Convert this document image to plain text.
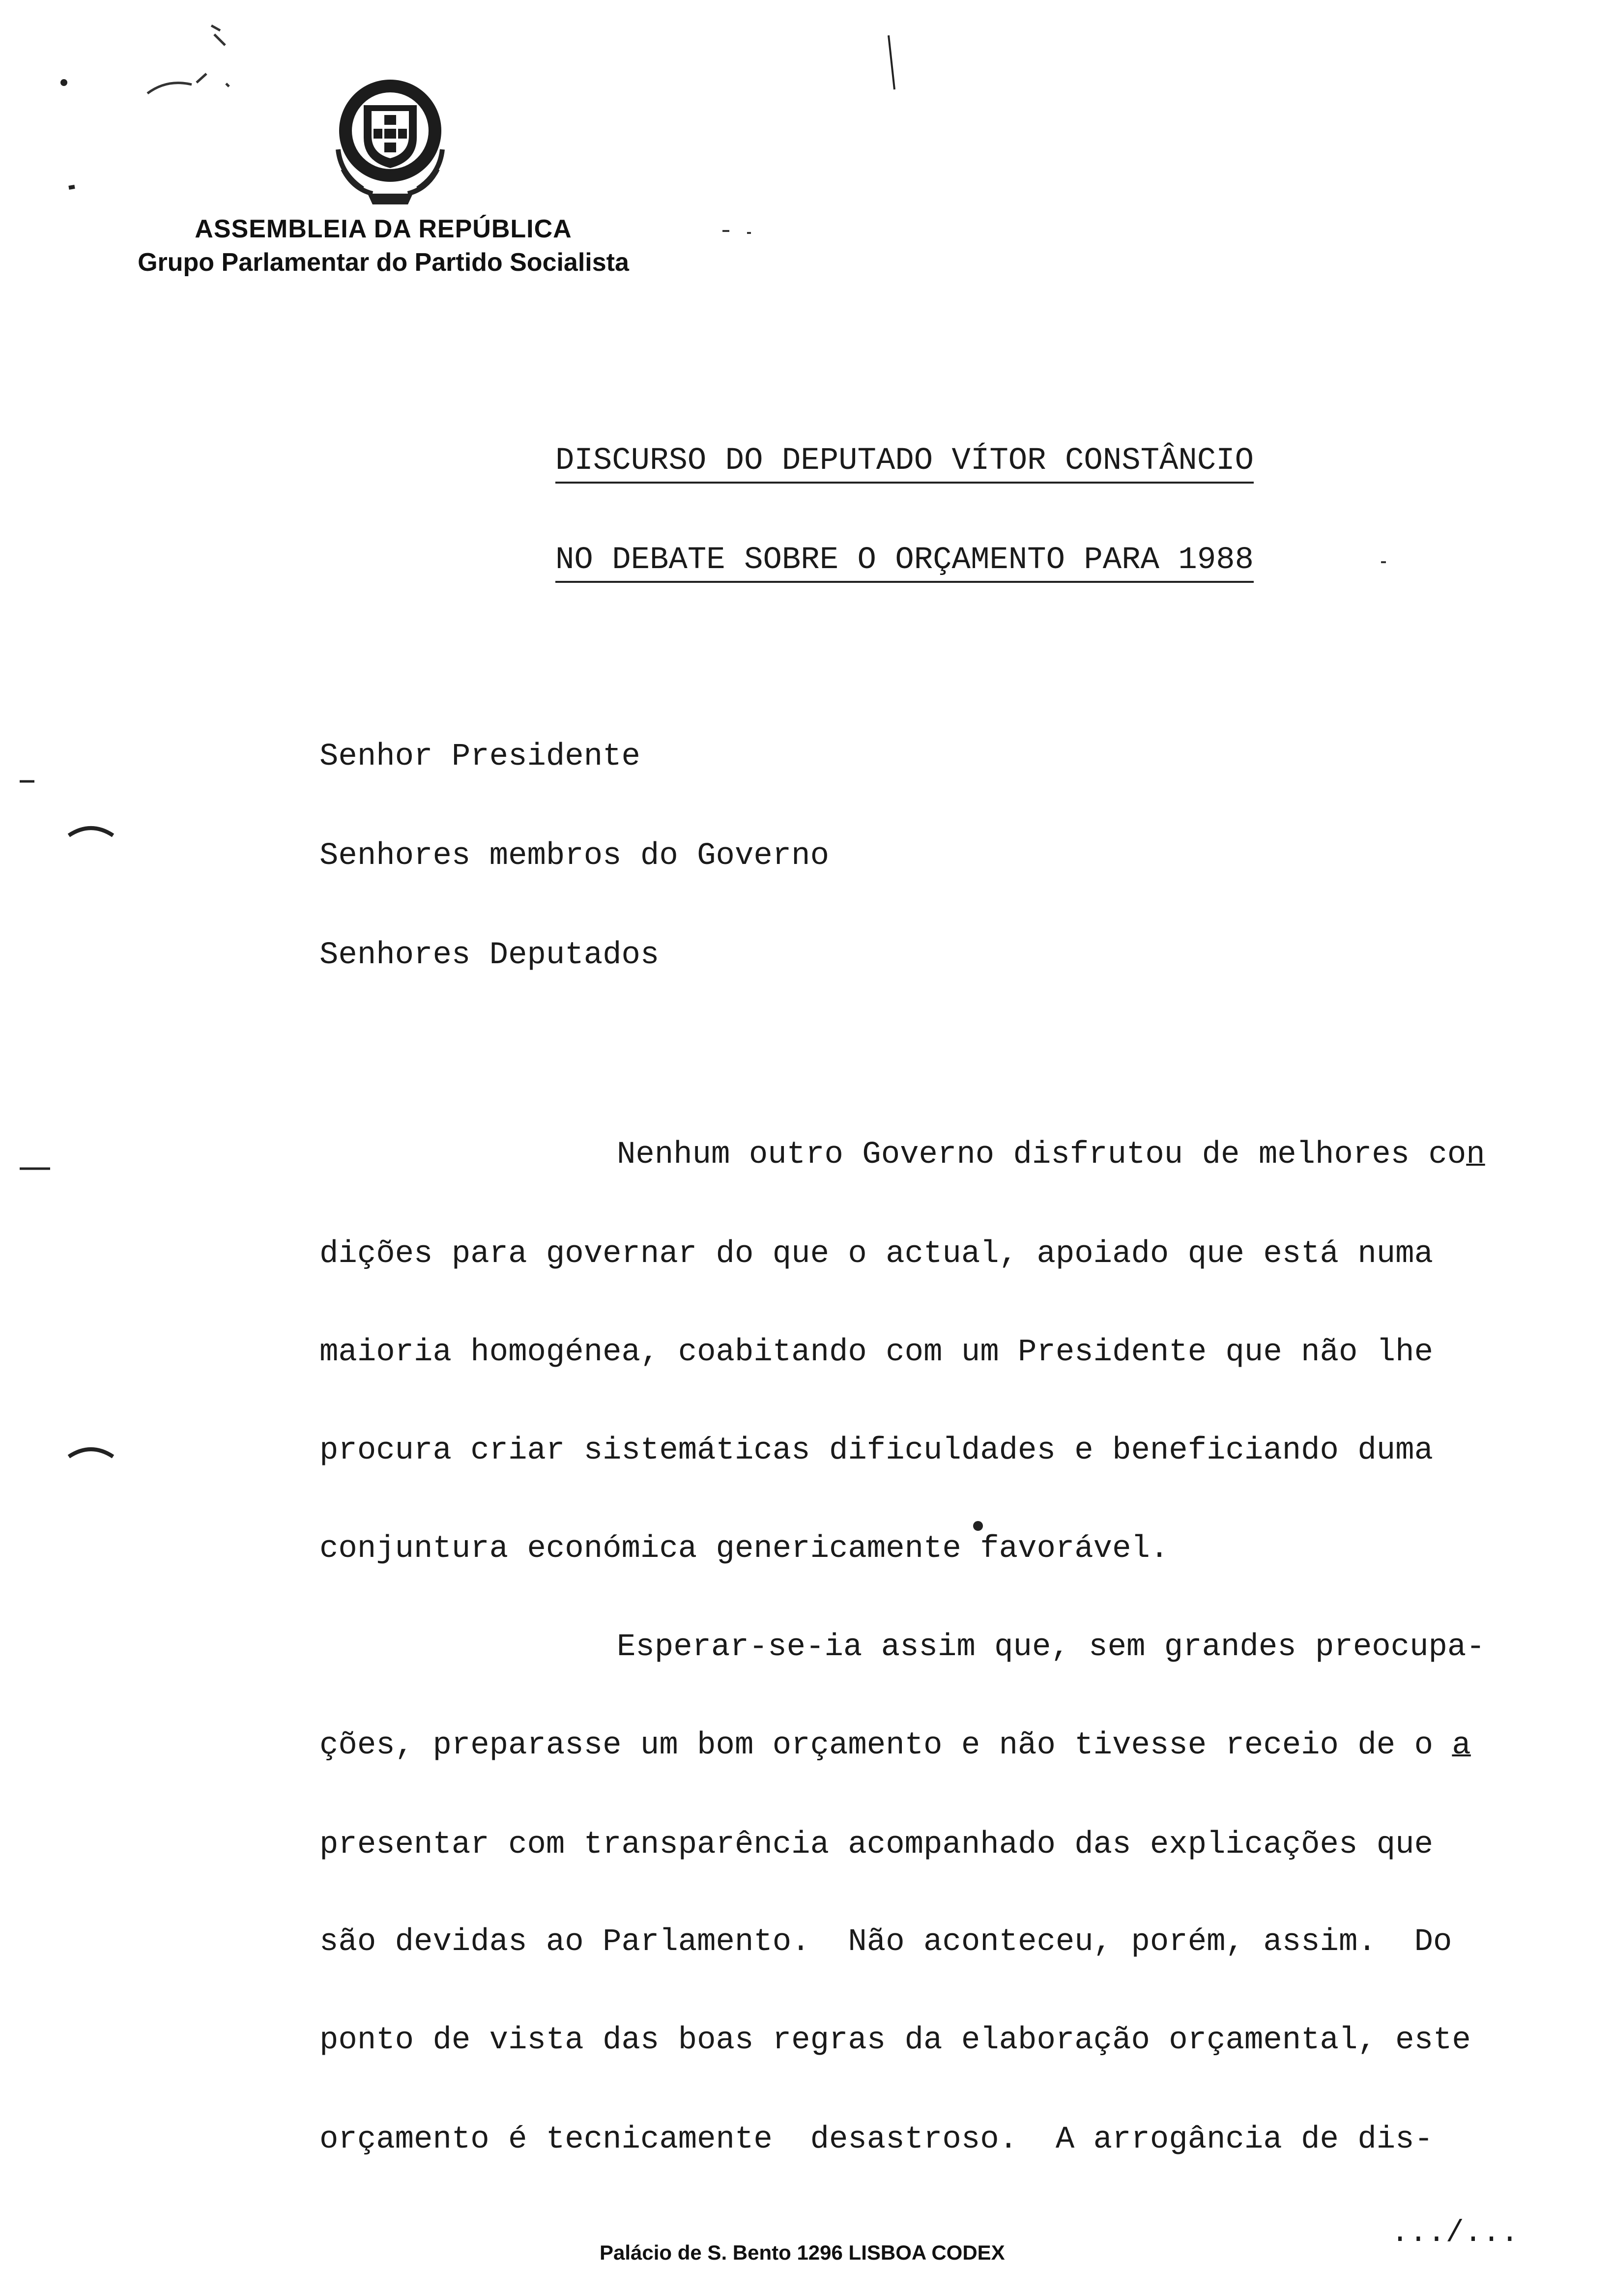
ASSEMBLEIA DA REPÚBLICA
Grupo Parlamentar do Partido Socialista
DISCURSO DO DEPUTADO VÍTOR CONSTÂNCIO
NO DEBATE SOBRE O ORÇAMENTO PARA 1988
Senhor Presidente
Senhores membros do Governo
Senhores Deputados
Nenhum outro Governo disfrutou de melhores con
dições para governar do que o actual, apoiado que está numa
maioria homogénea, coabitando com um Presidente que não lhe
procura criar sistemáticas dificuldades e beneficiando duma
conjuntura económica genericamente favorável.
Esperar-se-ia assim que, sem grandes preocupa-
ções, preparasse um bom orçamento e não tivesse receio de o a
presentar com transparência acompanhado das explicações que
são devidas ao Parlamento.  Não aconteceu, porém, assim.  Do
ponto de vista das boas regras da elaboração orçamental, este
orçamento é tecnicamente  desastroso.  A arrogância de dis-
.../...
Palácio de S. Bento 1296 LISBOA CODEX
